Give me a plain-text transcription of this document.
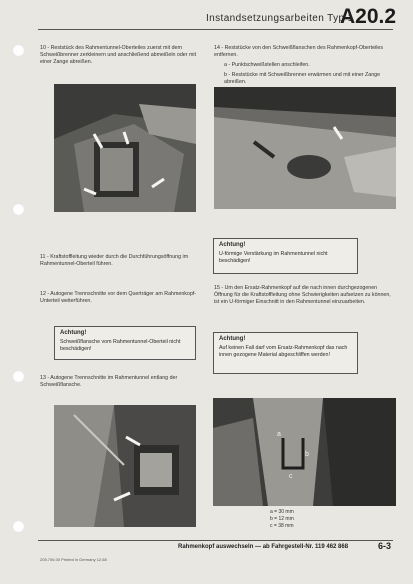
Instandsetzungsarbeiten Typ 1
A20.2
10 - Reststück des Rahmentunnel-Oberteiles zuerst mit dem Schweißbrenner zerkleinern und anschließend abmeißeln oder mit einer Zange abreißen.
14 - Reststücke von den Schweißflanschen des Rahmenkopf-Oberteiles entfernen.
a - Punktschweißstellen anschleifen.
b - Reststücke mit Schweißbrenner erwärmen und mit einer Zange abreißen.
Achtung!
U-förmige Verstärkung im Rahmentunnel nicht beschädigen!
11 - Kraftstoffleitung wieder durch die Durchführungsöffnung im Rahmentunnel-Oberteil führen.
12 - Autogene Trennschnitte vor dem Querträger am Rahmenkopf-Unterteil weiterführen.
Achtung!
Schweißflansche vom Rahmentunnel-Oberteil nicht beschädigen!
15 - Um den Ersatz-Rahmenkopf auf die nach innen durchgezogenen Öffnung für die Kraftstoffleitung ohne Schwierigkeiten aufsetzen zu können, ist ein U-förmiger Einschnitt in den Rahmentunnel einzuarbeiten.
Achtung!
Auf keinen Fall darf vom Ersatz-Rahmenkopf das nach innen gezogene Material abgeschliffen werden!
13 - Autogene Trennschnitte im Rahmentunnel entlang der Schweißflansche.
a
b
c
a = 30 mm
b = 12 mm
c = 38 mm
Rahmenkopf auswechseln — ab Fahrgestell-Nr. 119 462 868	6-3
205.706.00 Printed in Germany 12.68
